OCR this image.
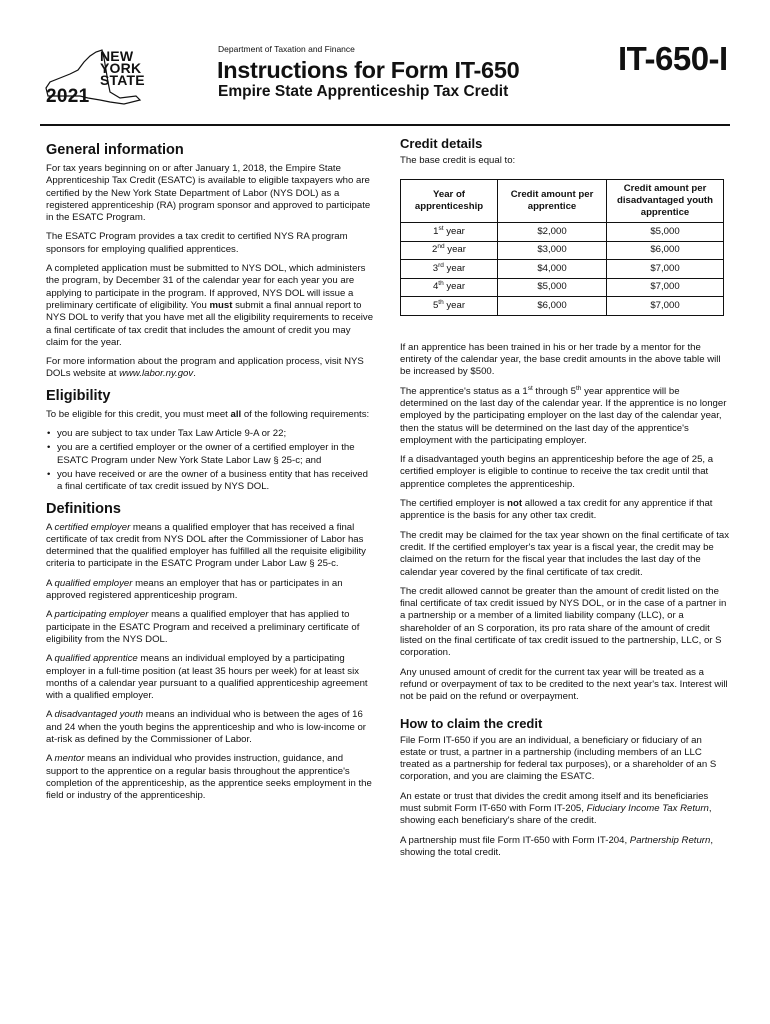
2021
NEW
YORK
STATE
Department of Taxation and Finance
Instructions for Form IT-650
Empire State Apprenticeship Tax Credit
IT-650-I
General information

For tax years beginning on or after January 1, 2018, the Empire State Apprenticeship Tax Credit (ESATC) is available to eligible taxpayers who are certified by the New York State Department of Labor (NYS DOL) as a registered apprenticeship (RA) program sponsor and approved to participate in the ESATC Program.

The ESATC Program provides a tax credit to certified NYS RA program sponsors for employing qualified apprentices.

A completed application must be submitted to NYS DOL, which administers the program, by December 31 of the calendar year for each year you are applying to participate in the program. If approved, NYS DOL will issue a preliminary certificate of eligibility. You must submit a final annual report to NYS DOL to verify that you have met all the eligibility requirements to receive a final certificate of tax credit that includes the amount of credit you may claim for the year.

For more information about the program and application process, visit NYS DOLs website at www.labor.ny.gov.

Eligibility

To be eligible for this credit, you must meet all of the following requirements:

• you are subject to tax under Tax Law Article 9-A or 22;
• you are a certified employer or the owner of a certified employer in the ESATC Program under New York State Labor Law § 25-c; and
• you have received or are the owner of a business entity that has received a final certificate of tax credit issued by NYS DOL.
Definitions

A certified employer means a qualified employer that has received a final certificate of tax credit from NYS DOL after the Commissioner of Labor has determined that the qualified employer has fulfilled all the requisite eligibility criteria to participate in the ESATC Program under Labor Law § 25-c.

A qualified employer means an employer that has or participates in an approved registered apprenticeship program.

A participating employer means a qualified employer that has applied to participate in the ESATC Program and received a preliminary certificate of eligibility from the NYS DOL.

A qualified apprentice means an individual employed by a participating employer in a full-time position (at least 35 hours per week) for at least six months of a calendar year pursuant to a qualified apprenticeship agreement with a qualified employer.

A disadvantaged youth means an individual who is between the ages of 16 and 24 when the youth begins the apprenticeship and who is low-income or at-risk as defined by the Commissioner of Labor.

A mentor means an individual who provides instruction, guidance, and support to the apprentice on a regular basis throughout the apprentice's completion of the apprenticeship, as the apprentice seeks employment in the field or industry of the apprenticeship.

Credit details

The base credit is equal to:

Year of apprenticeship	Credit amount per apprentice	Credit amount per disadvantaged youth apprentice
1st year	$2,000	$5,000
2nd year	$3,000	$6,000
3rd year	$4,000	$7,000
4th year	$5,000	$7,000
5th year	$6,000	$7,000

If an apprentice has been trained in his or her trade by a mentor for the entirety of the calendar year, the base credit amounts in the above table will be increased by $500.

The apprentice's status as a 1st through 5th year apprentice will be determined on the last day of the calendar year. If the apprentice is no longer employed by the participating employer on the last day of the calendar year, then the status will be determined on the last day of the apprentice's employment with the participating employer.

If a disadvantaged youth begins an apprenticeship before the age of 25, a certified employer is eligible to continue to receive the tax credit until that apprentice completes the apprenticeship.

The certified employer is not allowed a tax credit for any apprentice if that apprentice is the basis for any other tax credit.

The credit may be claimed for the tax year shown on the final certificate of tax credit. If the certified employer's tax year is a fiscal year, the credit may be claimed on the return for the fiscal year that includes the last day of the calendar year covered by the final certificate of tax credit.

The credit allowed cannot be greater than the amount of credit listed on the final certificate of tax credit issued by NYS DOL, or in the case of a partner in a partnership or a member of a limited liability company (LLC), or a shareholder of an S corporation, its pro rata share of the amount of credit listed on the final certificate of tax credit issued to the partnership, LLC, or S corporation.

Any unused amount of credit for the current tax year will be treated as a refund or overpayment of tax to be credited to the next year's tax. Interest will not be paid on the refund or overpayment.

How to claim the credit

File Form IT-650 if you are an individual, a beneficiary or fiduciary of an estate or trust, a partner in a partnership (including members of an LLC treated as a partnership for federal tax purposes), or a shareholder of an S corporation, and you are claiming the ESATC.

An estate or trust that divides the credit among itself and its beneficiaries must submit Form IT-650 with Form IT-205, Fiduciary Income Tax Return, showing each beneficiary's share of the credit.

A partnership must file Form IT-650 with Form IT-204, Partnership Return, showing the total credit.
